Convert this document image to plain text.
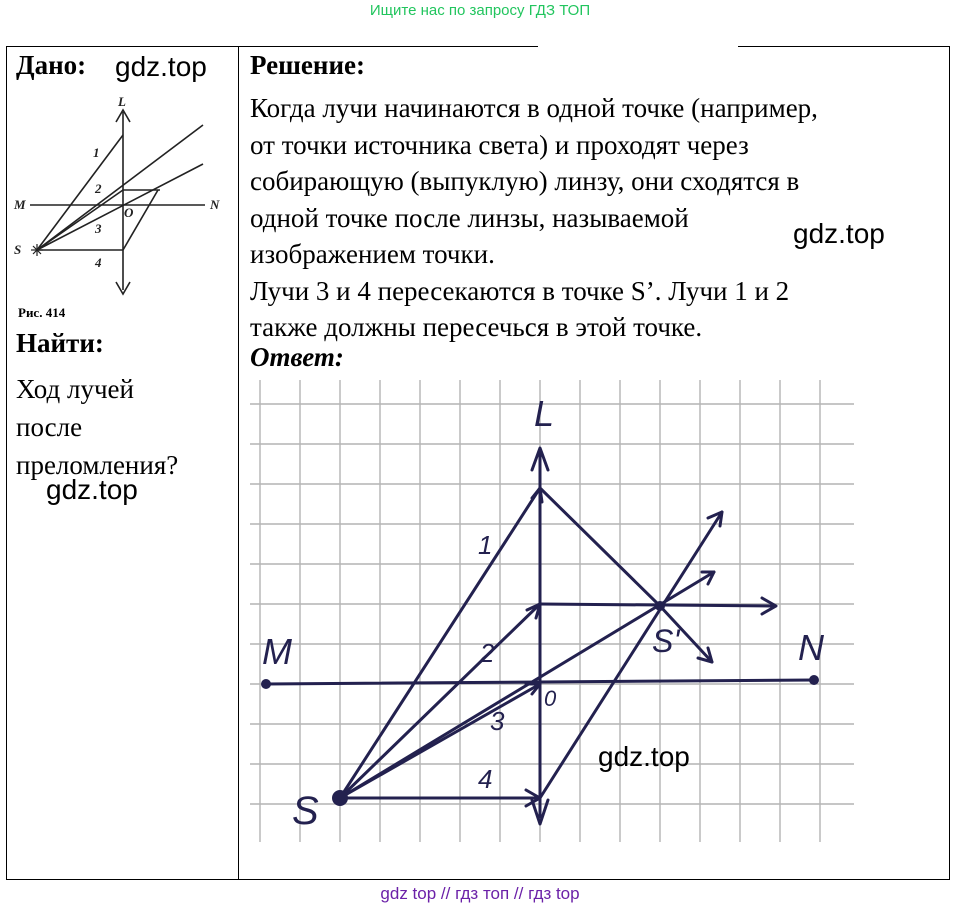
Ищите нас по запросу ГДЗ ТОП
Дано: gdz.top
L
M	N
O
S
1
2
3
4
Рис. 414
Найти:
Ход лучей
после
преломления?
gdz.top
Решение:

Когда лучи начинаются в одной точке (например,

от точки источника света) и проходят через

собирающую (выпуклую) линзу, они сходятся в

одной точке после линзы, называемой

изображением точки.

Лучи 3 и 4 пересекаются в точке S’. Лучи 1 и 2

также должны пересечься в этой точке.

gdz.top
Ответ:
L
M	N
0
S
S'
1
2
3
4
gdz.top
gdz top // гдз топ // гдз top
